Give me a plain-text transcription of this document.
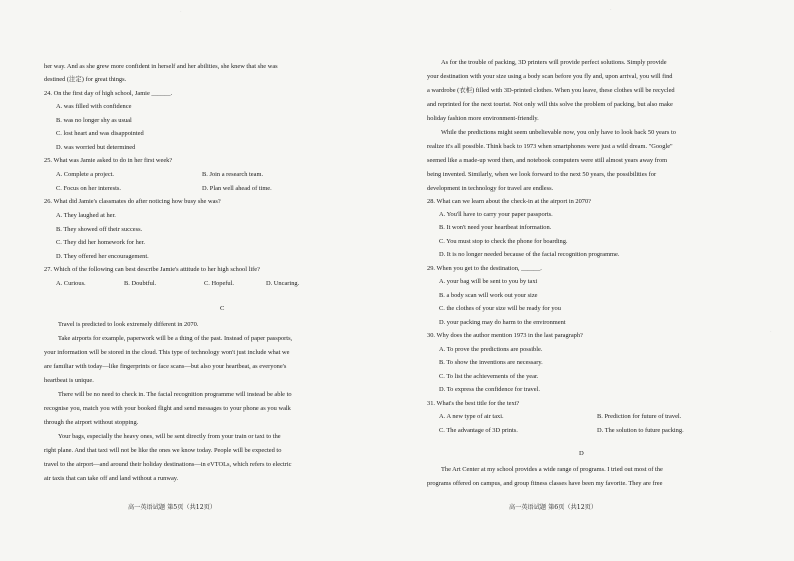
her way. And as she grew more confident in herself and her abilities, she knew that she was
destined (注定) for great things.
24. On the first day of high school, Jamie ______.
A. was filled with confidence
B. was no longer shy as usual
C. lost heart and was disappointed
D. was worried but determined
25. What was Jamie asked to do in her first week?
A. Complete a project.	B. Join a research team.
C. Focus on her interests.	D. Plan well ahead of time.
26. What did Jamie's classmates do after noticing how busy she was?
A. They laughed at her.
B. They showed off their success.
C. They did her homework for her.
D. They offered her encouragement.
27. Which of the following can best describe Jamie's attitude to her high school life?
A. Curious.	B. Doubtful.	C. Hopeful.	D. Uncaring.
C
Travel is predicted to look extremely different in 2070.
Take airports for example, paperwork will be a thing of the past. Instead of paper passports,
your information will be stored in the cloud. This type of technology won't just include what we
are familiar with today—like fingerprints or face scans—but also your heartbeat, as everyone's
heartbeat is unique.
There will be no need to check in. The facial recognition programme will instead be able to
recognise you, match you with your booked flight and send messages to your phone as you walk
through the airport without stopping.
Your bags, especially the heavy ones, will be sent directly from your train or taxi to the
right plane. And that taxi will not be like the ones we know today. People will be expected to
travel to the airport—and around their holiday destinations—in eVTOLs, which refers to electric
air taxis that can take off and land without a runway.
高一英语试题 第5页（共12页）
As for the trouble of packing, 3D printers will provide perfect solutions. Simply provide
your destination with your size using a body scan before you fly and, upon arrival, you will find
a wardrobe (衣柜) filled with 3D-printed clothes. When you leave, these clothes will be recycled
and reprinted for the next tourist. Not only will this solve the problem of packing, but also make
holiday fashion more environment-friendly.
While the predictions might seem unbelievable now, you only have to look back 50 years to
realize it's all possible. Think back to 1973 when smartphones were just a wild dream. "Google"
seemed like a made-up word then, and notebook computers were still almost years away from
being invented. Similarly, when we look forward to the next 50 years, the possibilities for
development in technology for travel are endless.
28. What can we learn about the check-in at the airport in 2070?
A. You'll have to carry your paper passports.
B. It won't need your heartbeat information.
C. You must stop to check the phone for boarding.
D. It is no longer needed because of the facial recognition programme.
29. When you get to the destination, ______.
A. your bag will be sent to you by taxi
B. a body scan will work out your size
C. the clothes of your size will be ready for you
D. your packing may do harm to the environment
30. Why does the author mention 1973 in the last paragraph?
A. To prove the predictions are possible.
B. To show the inventions are necessary.
C. To list the achievements of the year.
D. To express the confidence for travel.
31. What's the best title for the text?
A. A new type of air taxi.	B. Prediction for future of travel.
C. The advantage of 3D prints.	D. The solution to future packing.
D
The Art Center at my school provides a wide range of programs. I tried out most of the
programs offered on campus, and group fitness classes have been my favorite. They are free
高一英语试题 第6页（共12页）
·	·
·
